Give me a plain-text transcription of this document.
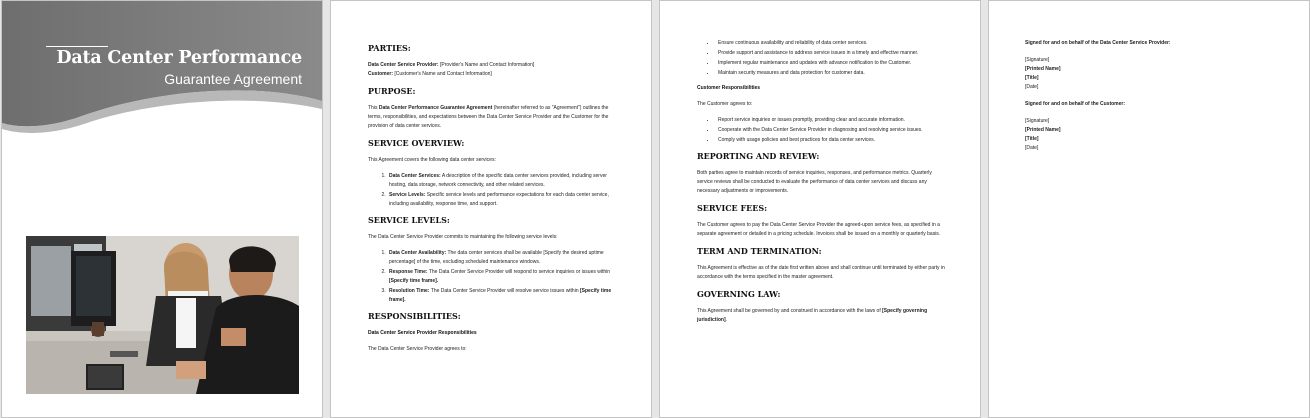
Data Center Performance
Guarantee Agreement
PARTIES:

Data Center Service Provider: [Provider's Name and Contact Information]

Customer: [Customer's Name and Contact Information]

PURPOSE:

This Data Center Performance Guarantee Agreement (hereinafter referred to as "Agreement") outlines the terms, responsibilities, and expectations between the Data Center Service Provider and the Customer for the provision of data center services.

SERVICE OVERVIEW:

This Agreement covers the following data center services:

1. Data Center Services: A description of the specific data center services provided, including server hosting, data storage, network connectivity, and other related services.
2. Service Levels: Specific service levels and performance expectations for each data center service, including availability, response time, and support.
SERVICE LEVELS:

The Data Center Service Provider commits to maintaining the following service levels:

1. Data Center Availability: The data center services shall be available [Specify the desired uptime percentage] of the time, excluding scheduled maintenance windows.
2. Response Time: The Data Center Service Provider will respond to service inquiries or issues within [Specify time frame].
3. Resolution Time: The Data Center Service Provider will resolve service issues within [Specify time frame].
RESPONSIBILITIES:
Data Center Service Provider Responsibilities

The Data Center Service Provider agrees to:

• Ensure continuous availability and reliability of data center services.
• Provide support and assistance to address service issues in a timely and effective manner.
• Implement regular maintenance and updates with advance notification to the Customer.
• Maintain security measures and data protection for customer data.
Customer Responsibilities

The Customer agrees to:

• Report service inquiries or issues promptly, providing clear and accurate information.
• Cooperate with the Data Center Service Provider in diagnosing and resolving service issues.
• Comply with usage policies and best practices for data center services.
REPORTING AND REVIEW:

Both parties agree to maintain records of service inquiries, responses, and performance metrics. Quarterly service reviews shall be conducted to evaluate the performance of data center services and discuss any necessary adjustments or improvements.

SERVICE FEES:

The Customer agrees to pay the Data Center Service Provider the agreed-upon service fees, as specified in a separate agreement or detailed in a pricing schedule. Invoices shall be issued on a monthly or quarterly basis.

TERM AND TERMINATION:

This Agreement is effective as of the date first written above and shall continue until terminated by either party in accordance with the terms specified in the master agreement.

GOVERNING LAW:

This Agreement shall be governed by and construed in accordance with the laws of [Specify governing jurisdiction].

Signed for and on behalf of the Data Center Service Provider:

[Signature]

[Printed Name]

[Title]

[Date]

Signed for and on behalf of the Customer:

[Signature]

[Printed Name]

[Title]

[Date]
